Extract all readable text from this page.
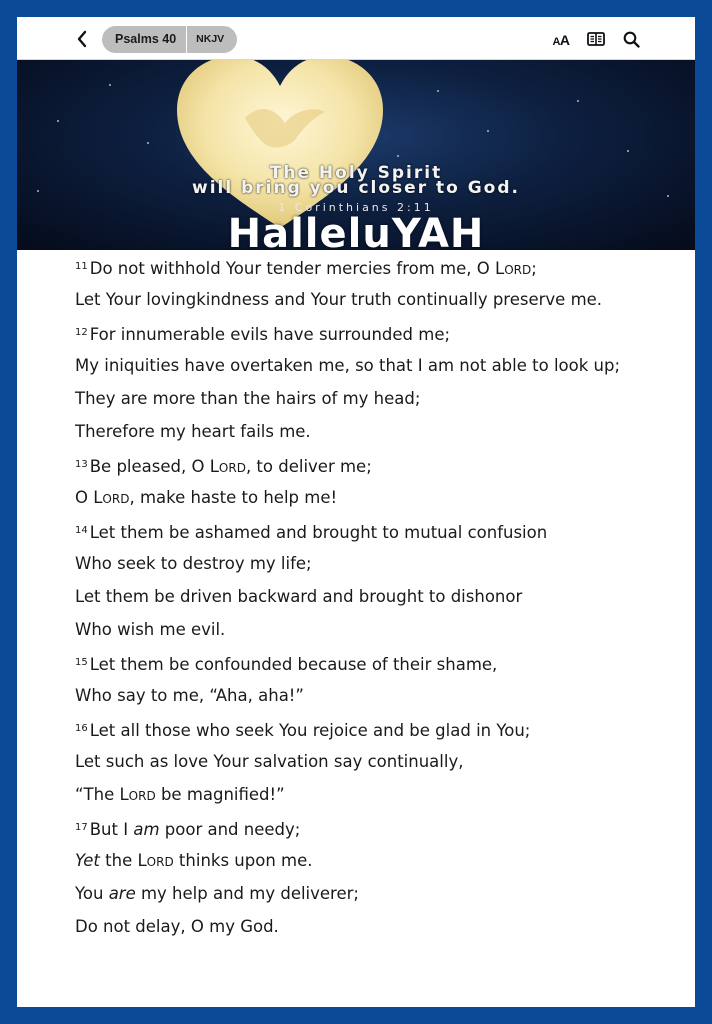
Psalms 40	NKJV	AA
The Holy Spirit
will bring you closer to God.
1 Corinthians 2:11
HalleluYAH
$^{11}$ Do not withhold Your tender mercies from me, O Lord;
Let Your lovingkindness and Your truth continually preserve me.
$^{12}$ For innumerable evils have surrounded me;
My iniquities have overtaken me, so that I am not able to look up;
They are more than the hairs of my head;
Therefore my heart fails me.
$^{13}$ Be pleased, O Lord, to deliver me;
O Lord, make haste to help me!
$^{14}$ Let them be ashamed and brought to mutual confusion
Who seek to destroy my life;
Let them be driven backward and brought to dishonor
Who wish me evil.
$^{15}$ Let them be confounded because of their shame,
Who say to me, “Aha, aha!”
$^{16}$ Let all those who seek You rejoice and be glad in You;
Let such as love Your salvation say continually,
“The Lord be magnified!”
$^{17}$ But I am poor and needy;
Yet the Lord thinks upon me.
You are my help and my deliverer;
Do not delay, O my God.
